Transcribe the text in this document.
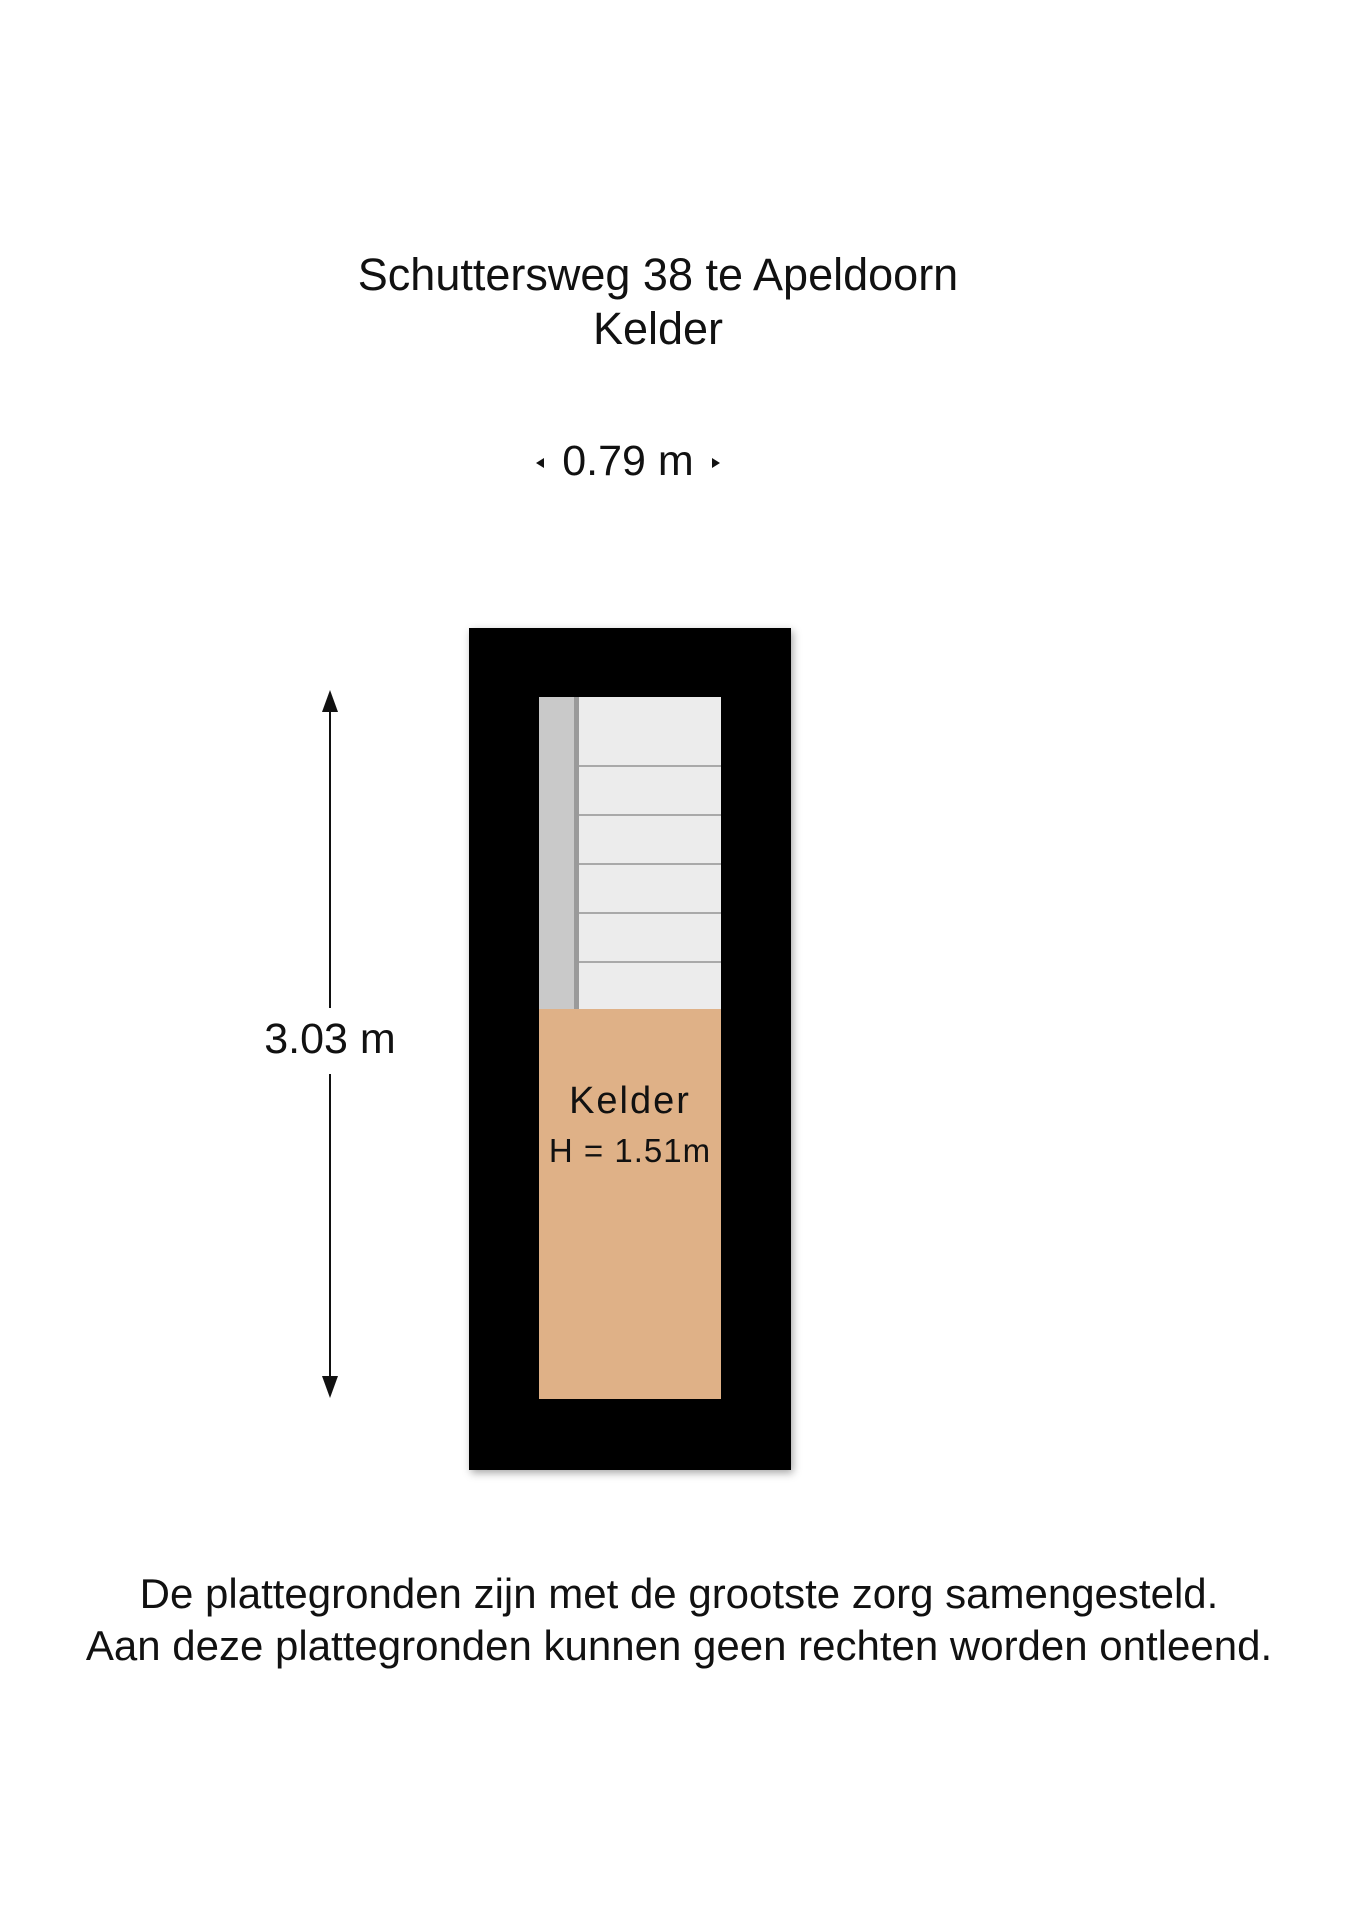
Schuttersweg 38 te Apeldoorn
Kelder
0.79 m
3.03 m
Kelder
H = 1.51m
De plattegronden zijn met de grootste zorg samengesteld.
Aan deze plattegronden kunnen geen rechten worden ontleend.
